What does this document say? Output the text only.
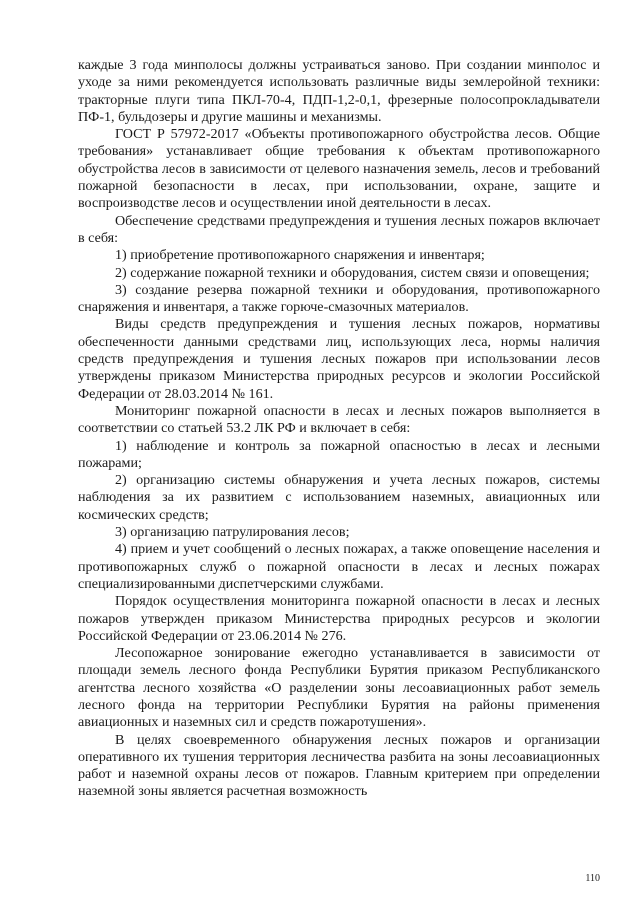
каждые 3 года минполосы должны устраиваться заново. При создании минполос и уходе за ними рекомендуется использовать различные виды землеройной техники: тракторные плуги типа ПКЛ-70-4, ПДП-1,2-0,1, фрезерные полосопрокладыватели ПФ-1, бульдозеры и другие машины и механизмы.

ГОСТ Р 57972-2017 «Объекты противопожарного обустройства лесов. Общие требования» устанавливает общие требования к объектам противопожарного обустройства лесов в зависимости от целевого назначения земель, лесов и требований пожарной безопасности в лесах, при использовании, охране, защите и воспроизводстве лесов и осуществлении иной деятельности в лесах.

Обеспечение средствами предупреждения и тушения лесных пожаров включает в себя:

1) приобретение противопожарного снаряжения и инвентаря;

2) содержание пожарной техники и оборудования, систем связи и оповещения;

3) создание резерва пожарной техники и оборудования, противопожарного снаряжения и инвентаря, а также горюче-смазочных материалов.

Виды средств предупреждения и тушения лесных пожаров, нормативы обеспеченности данными средствами лиц, использующих леса, нормы наличия средств предупреждения и тушения лесных пожаров при использовании лесов утверждены приказом Министерства природных ресурсов и экологии Российской Федерации от 28.03.2014 № 161.

Мониторинг пожарной опасности в лесах и лесных пожаров выполняется в соответствии со статьей 53.2 ЛК РФ и включает в себя:

1) наблюдение и контроль за пожарной опасностью в лесах и лесными пожарами;

2) организацию системы обнаружения и учета лесных пожаров, системы наблюдения за их развитием с использованием наземных, авиационных или космических средств;

3) организацию патрулирования лесов;

4) прием и учет сообщений о лесных пожарах, а также оповещение населения и противопожарных служб о пожарной опасности в лесах и лесных пожарах специализированными диспетчерскими службами.

Порядок осуществления мониторинга пожарной опасности в лесах и лесных пожаров утвержден приказом Министерства природных ресурсов и экологии Российской Федерации от 23.06.2014 № 276.

Лесопожарное зонирование ежегодно устанавливается в зависимости от площади земель лесного фонда Республики Бурятия приказом Республиканского агентства лесного хозяйства «О разделении зоны лесоавиационных работ земель лесного фонда на территории Республики Бурятия на районы применения авиационных и наземных сил и средств пожаротушения».

В целях своевременного обнаружения лесных пожаров и организации оперативного их тушения территория лесничества разбита на зоны лесоавиационных работ и наземной охраны лесов от пожаров. Главным критерием при определении наземной зоны является расчетная возможность

110
